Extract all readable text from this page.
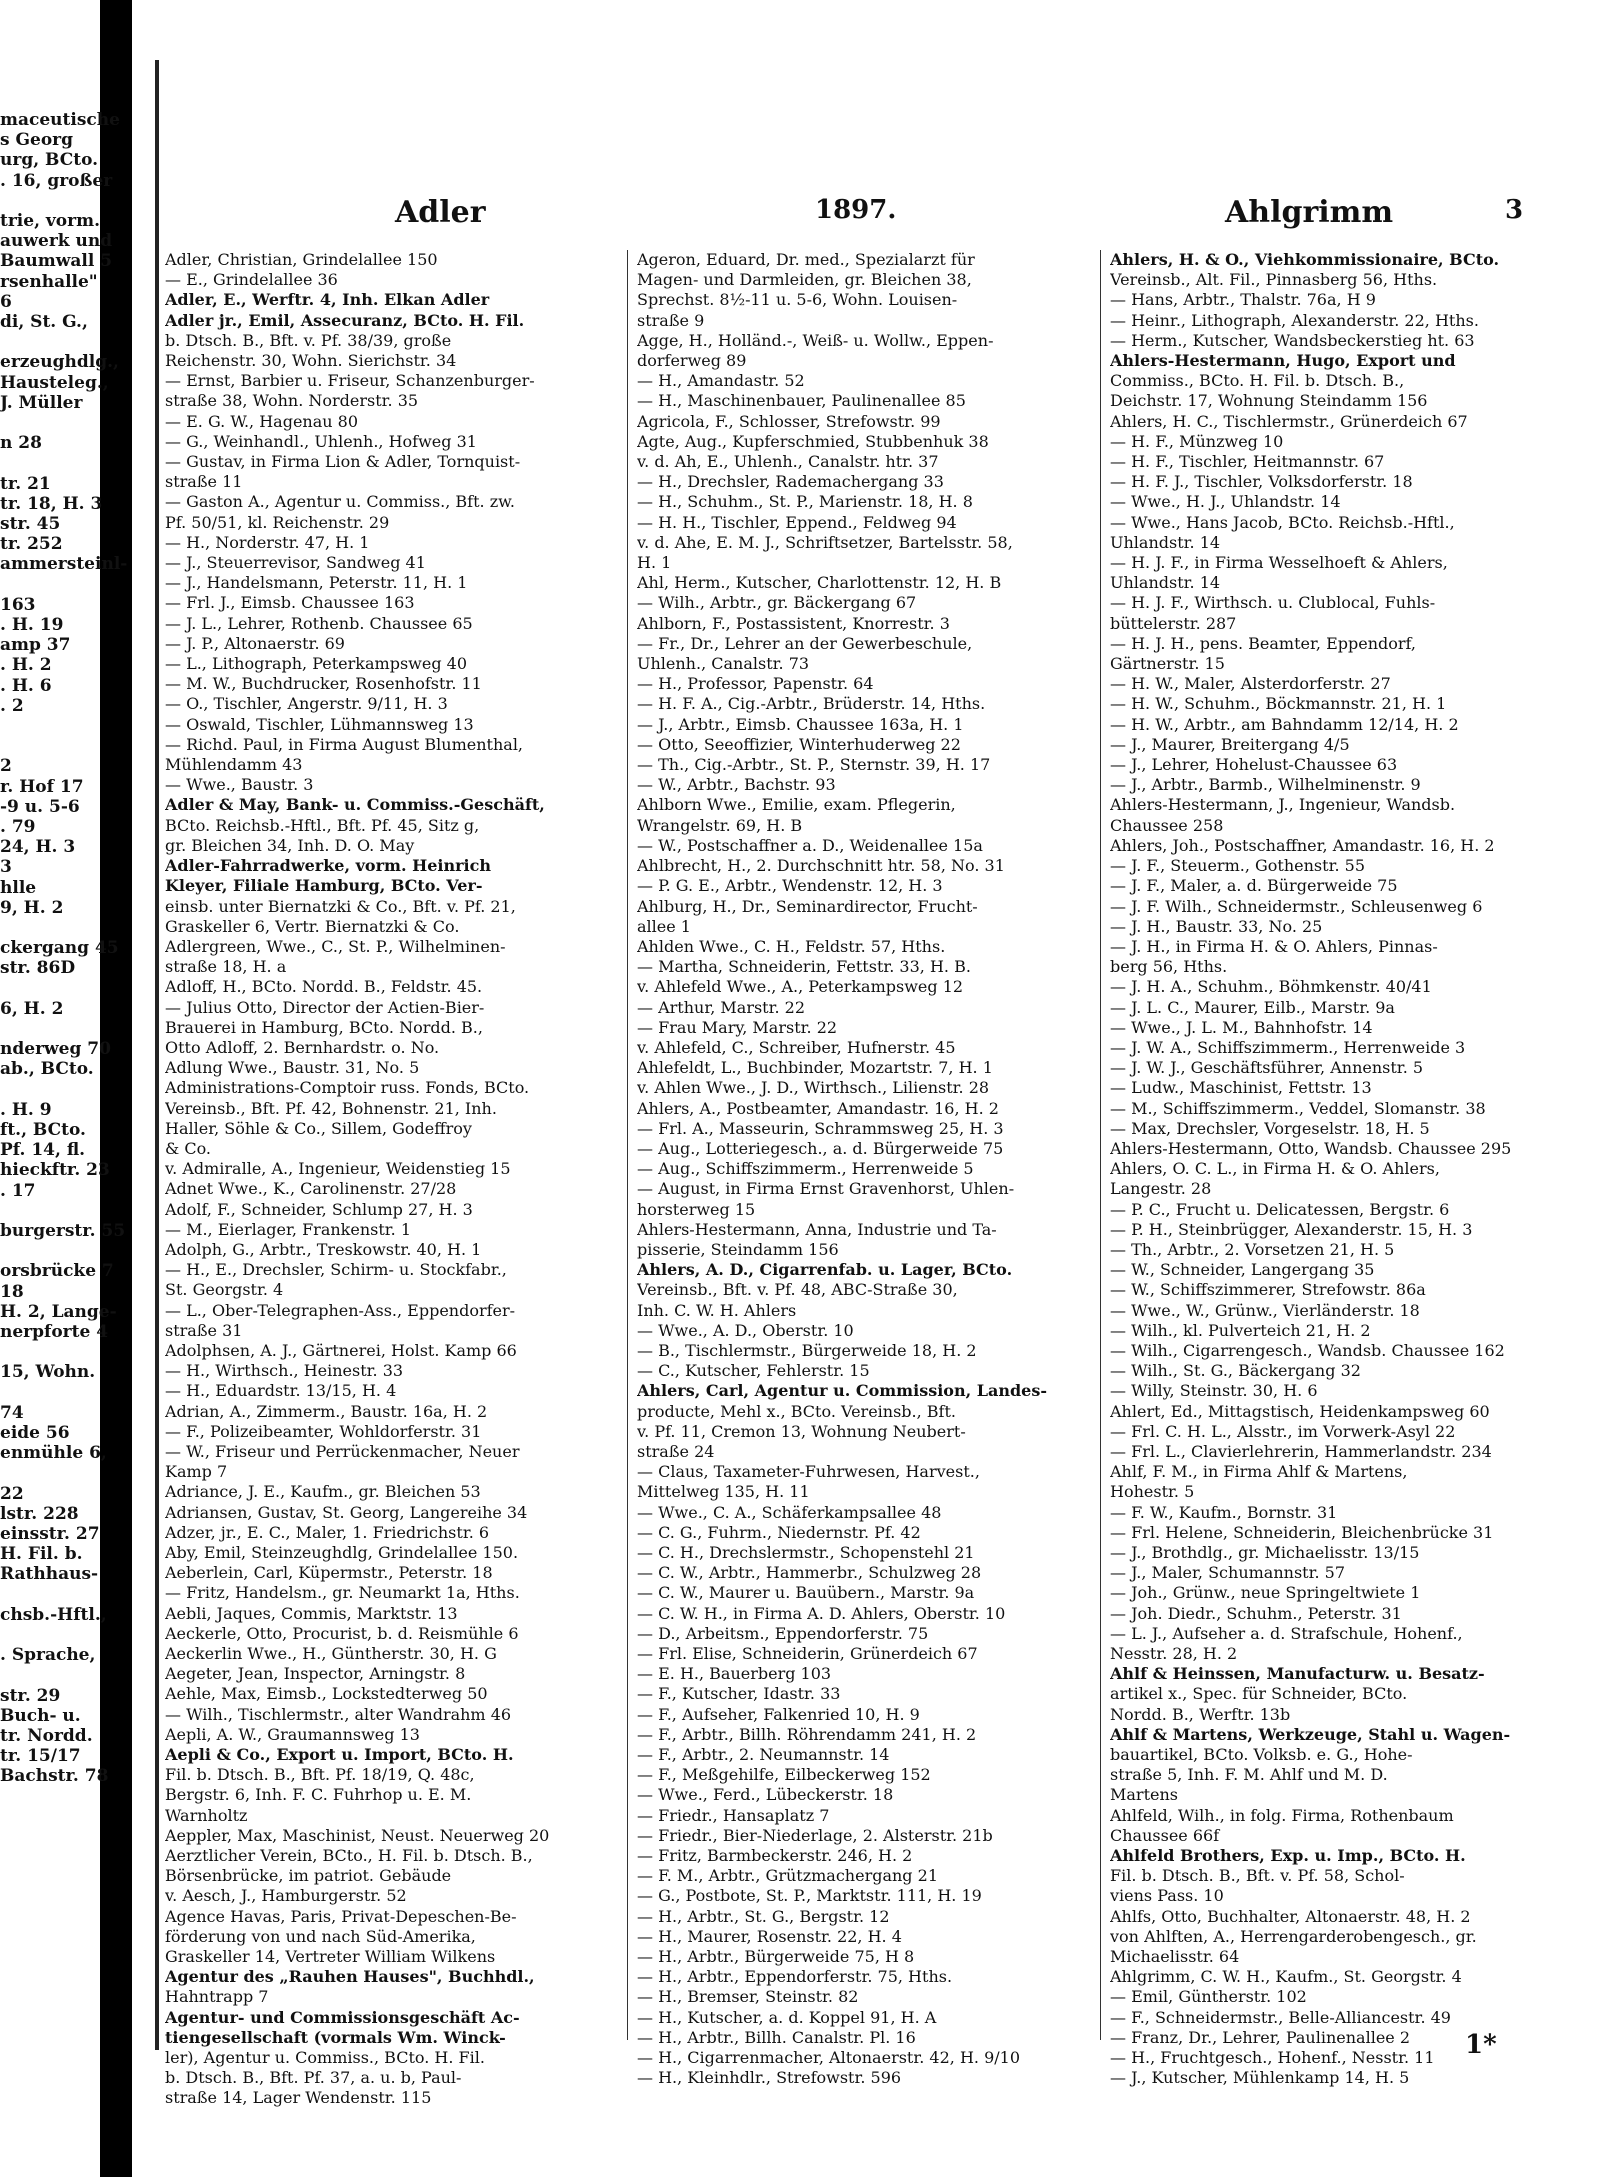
maceutische
s Georg
urg, BCto.
. 16, großer
trie, vorm.
auwerk und
Baumwall 5
rsenhalle"
6
di, St. G.,
erzeughdlg.,
Hausteleg.,
J. Müller
n 28
tr. 21
tr. 18, H. 3
str. 45
tr. 252
ammersteinl-
163
. H. 19
amp 37
. H. 2
. H. 6
. 2
2
r. Hof 17
-9 u. 5-6
. 79
24, H. 3
3
hlle
9, H. 2
ckergang 45
str. 86D
6, H. 2
nderweg 70
ab., BCto.
. H. 9
ft., BCto.
Pf. 14, fl.
hieckftr. 23
. 17
burgerstr. 55
orsbrücke 7
18
H. 2, Lange-
nerpforte 4
15, Wohn.
74
eide 56
enmühle 6,
22
lstr. 228
einsstr. 27
H. Fil. b.
Rathhaus-
chsb.-Hftl.,
. Sprache,
str. 29
Buch- u.
tr. Nordd.
tr. 15/17
Bachstr. 78
Adler	1897.	Ahlgrimm	3
Adler, Christian, Grindelallee 150
— E., Grindelallee 36
Adler, E., Werftr. 4, Inh. Elkan Adler
Adler jr., Emil, Assecuranz, BCto. H. Fil.
b. Dtsch. B., Bft. v. Pf. 38/39, große
Reichenstr. 30, Wohn. Sierichstr. 34
— Ernst, Barbier u. Friseur, Schanzenburger-
straße 38, Wohn. Norderstr. 35
— E. G. W., Hagenau 80
— G., Weinhandl., Uhlenh., Hofweg 31
— Gustav, in Firma Lion & Adler, Tornquist-
straße 11
— Gaston A., Agentur u. Commiss., Bft. zw.
Pf. 50/51, kl. Reichenstr. 29
— H., Norderstr. 47, H. 1
— J., Steuerrevisor, Sandweg 41
— J., Handelsmann, Peterstr. 11, H. 1
— Frl. J., Eimsb. Chaussee 163
— J. L., Lehrer, Rothenb. Chaussee 65
— J. P., Altonaerstr. 69
— L., Lithograph, Peterkampsweg 40
— M. W., Buchdrucker, Rosenhofstr. 11
— O., Tischler, Angerstr. 9/11, H. 3
— Oswald, Tischler, Lühmannsweg 13
— Richd. Paul, in Firma August Blumenthal,
Mühlendamm 43
— Wwe., Baustr. 3
Adler & May, Bank- u. Commiss.-Geschäft,
BCto. Reichsb.-Hftl., Bft. Pf. 45, Sitz g,
gr. Bleichen 34, Inh. D. O. May
Adler-Fahrradwerke, vorm. Heinrich
Kleyer, Filiale Hamburg, BCto. Ver-
einsb. unter Biernatzki & Co., Bft. v. Pf. 21,
Graskeller 6, Vertr. Biernatzki & Co.
Adlergreen, Wwe., C., St. P., Wilhelminen-
straße 18, H. a
Adloff, H., BCto. Nordd. B., Feldstr. 45.
— Julius Otto, Director der Actien-Bier-
Brauerei in Hamburg, BCto. Nordd. B.,
Otto Adloff, 2. Bernhardstr. o. No.
Adlung Wwe., Baustr. 31, No. 5
Administrations-Comptoir russ. Fonds, BCto.
Vereinsb., Bft. Pf. 42, Bohnenstr. 21, Inh.
Haller, Söhle & Co., Sillem, Godeffroy
& Co.
v. Admiralle, A., Ingenieur, Weidenstieg 15
Adnet Wwe., K., Carolinenstr. 27/28
Adolf, F., Schneider, Schlump 27, H. 3
— M., Eierlager, Frankenstr. 1
Adolph, G., Arbtr., Treskowstr. 40, H. 1
— H., E., Drechsler, Schirm- u. Stockfabr.,
St. Georgstr. 4
— L., Ober-Telegraphen-Ass., Eppendorfer-
straße 31
Adolphsen, A. J., Gärtnerei, Holst. Kamp 66
— H., Wirthsch., Heinestr. 33
— H., Eduardstr. 13/15, H. 4
Adrian, A., Zimmerm., Baustr. 16a, H. 2
— F., Polizeibeamter, Wohldorferstr. 31
— W., Friseur und Perrückenmacher, Neuer
Kamp 7
Adriance, J. E., Kaufm., gr. Bleichen 53
Adriansen, Gustav, St. Georg, Langereihe 34
Adzer, jr., E. C., Maler, 1. Friedrichstr. 6
Aby, Emil, Steinzeughdlg, Grindelallee 150.
Aeberlein, Carl, Küpermstr., Peterstr. 18
— Fritz, Handelsm., gr. Neumarkt 1a, Hths.
Aebli, Jaques, Commis, Marktstr. 13
Aeckerle, Otto, Procurist, b. d. Reismühle 6
Aeckerlin Wwe., H., Güntherstr. 30, H. G
Aegeter, Jean, Inspector, Arningstr. 8
Aehle, Max, Eimsb., Lockstedterweg 50
— Wilh., Tischlermstr., alter Wandrahm 46
Aepli, A. W., Graumannsweg 13
Aepli & Co., Export u. Import, BCto. H.
Fil. b. Dtsch. B., Bft. Pf. 18/19, Q. 48c,
Bergstr. 6, Inh. F. C. Fuhrhop u. E. M.
Warnholtz
Aeppler, Max, Maschinist, Neust. Neuerweg 20
Aerztlicher Verein, BCto., H. Fil. b. Dtsch. B.,
Börsenbrücke, im patriot. Gebäude
v. Aesch, J., Hamburgerstr. 52
Agence Havas, Paris, Privat-Depeschen-Be-
förderung von und nach Süd-Amerika,
Graskeller 14, Vertreter William Wilkens
Agentur des „Rauhen Hauses", Buchhdl.,
Hahntrapp 7
Agentur- und Commissionsgeschäft Ac-
tiengesellschaft (vormals Wm. Winck-
ler), Agentur u. Commiss., BCto. H. Fil.
b. Dtsch. B., Bft. Pf. 37, a. u. b, Paul-
straße 14, Lager Wendenstr. 115
Ageron, Eduard, Dr. med., Spezialarzt für
Magen- und Darmleiden, gr. Bleichen 38,
Sprechst. 8½-11 u. 5-6, Wohn. Louisen-
straße 9
Agge, H., Holländ.-, Weiß- u. Wollw., Eppen-
dorferweg 89
— H., Amandastr. 52
— H., Maschinenbauer, Paulinenallee 85
Agricola, F., Schlosser, Strefowstr. 99
Agte, Aug., Kupferschmied, Stubbenhuk 38
v. d. Ah, E., Uhlenh., Canalstr. htr. 37
— H., Drechsler, Rademachergang 33
— H., Schuhm., St. P., Marienstr. 18, H. 8
— H. H., Tischler, Eppend., Feldweg 94
v. d. Ahe, E. M. J., Schriftsetzer, Bartelsstr. 58,
H. 1
Ahl, Herm., Kutscher, Charlottenstr. 12, H. B
— Wilh., Arbtr., gr. Bäckergang 67
Ahlborn, F., Postassistent, Knorrestr. 3
— Fr., Dr., Lehrer an der Gewerbeschule,
Uhlenh., Canalstr. 73
— H., Professor, Papenstr. 64
— H. F. A., Cig.-Arbtr., Brüderstr. 14, Hths.
— J., Arbtr., Eimsb. Chaussee 163a, H. 1
— Otto, Seeoffizier, Winterhuderweg 22
— Th., Cig.-Arbtr., St. P., Sternstr. 39, H. 17
— W., Arbtr., Bachstr. 93
Ahlborn Wwe., Emilie, exam. Pflegerin,
Wrangelstr. 69, H. B
— W., Postschaffner a. D., Weidenallee 15a
Ahlbrecht, H., 2. Durchschnitt htr. 58, No. 31
— P. G. E., Arbtr., Wendenstr. 12, H. 3
Ahlburg, H., Dr., Seminardirector, Frucht-
allee 1
Ahlden Wwe., C. H., Feldstr. 57, Hths.
— Martha, Schneiderin, Fettstr. 33, H. B.
v. Ahlefeld Wwe., A., Peterkampsweg 12
— Arthur, Marstr. 22
— Frau Mary, Marstr. 22
v. Ahlefeld, C., Schreiber, Hufnerstr. 45
Ahlefeldt, L., Buchbinder, Mozartstr. 7, H. 1
v. Ahlen Wwe., J. D., Wirthsch., Lilienstr. 28
Ahlers, A., Postbeamter, Amandastr. 16, H. 2
— Frl. A., Masseurin, Schrammsweg 25, H. 3
— Aug., Lotteriegesch., a. d. Bürgerweide 75
— Aug., Schiffszimmerm., Herrenweide 5
— August, in Firma Ernst Gravenhorst, Uhlen-
horsterweg 15
Ahlers-Hestermann, Anna, Industrie und Ta-
pisserie, Steindamm 156
Ahlers, A. D., Cigarrenfab. u. Lager, BCto.
Vereinsb., Bft. v. Pf. 48, ABC-Straße 30,
Inh. C. W. H. Ahlers
— Wwe., A. D., Oberstr. 10
— B., Tischlermstr., Bürgerweide 18, H. 2
— C., Kutscher, Fehlerstr. 15
Ahlers, Carl, Agentur u. Commission, Landes-
producte, Mehl x., BCto. Vereinsb., Bft.
v. Pf. 11, Cremon 13, Wohnung Neubert-
straße 24
— Claus, Taxameter-Fuhrwesen, Harvest.,
Mittelweg 135, H. 11
— Wwe., C. A., Schäferkampsallee 48
— C. G., Fuhrm., Niedernstr. Pf. 42
— C. H., Drechslermstr., Schopenstehl 21
— C. W., Arbtr., Hammerbr., Schulzweg 28
— C. W., Maurer u. Bauübern., Marstr. 9a
— C. W. H., in Firma A. D. Ahlers, Oberstr. 10
— D., Arbeitsm., Eppendorferstr. 75
— Frl. Elise, Schneiderin, Grünerdeich 67
— E. H., Bauerberg 103
— F., Kutscher, Idastr. 33
— F., Aufseher, Falkenried 10, H. 9
— F., Arbtr., Billh. Röhrendamm 241, H. 2
— F., Arbtr., 2. Neumannstr. 14
— F., Meßgehilfe, Eilbeckerweg 152
— Wwe., Ferd., Lübeckerstr. 18
— Friedr., Hansaplatz 7
— Friedr., Bier-Niederlage, 2. Alsterstr. 21b
— Fritz, Barmbeckerstr. 246, H. 2
— F. M., Arbtr., Grützmachergang 21
— G., Postbote, St. P., Marktstr. 111, H. 19
— H., Arbtr., St. G., Bergstr. 12
— H., Maurer, Rosenstr. 22, H. 4
— H., Arbtr., Bürgerweide 75, H 8
— H., Arbtr., Eppendorferstr. 75, Hths.
— H., Bremser, Steinstr. 82
— H., Kutscher, a. d. Koppel 91, H. A
— H., Arbtr., Billh. Canalstr. Pl. 16
— H., Cigarrenmacher, Altonaerstr. 42, H. 9/10
— H., Kleinhdlr., Strefowstr. 596
Ahlers, H. & O., Viehkommissionaire, BCto.
Vereinsb., Alt. Fil., Pinnasberg 56, Hths.
— Hans, Arbtr., Thalstr. 76a, H 9
— Heinr., Lithograph, Alexanderstr. 22, Hths.
— Herm., Kutscher, Wandsbeckerstieg ht. 63
Ahlers-Hestermann, Hugo, Export und
Commiss., BCto. H. Fil. b. Dtsch. B.,
Deichstr. 17, Wohnung Steindamm 156
Ahlers, H. C., Tischlermstr., Grünerdeich 67
— H. F., Münzweg 10
— H. F., Tischler, Heitmannstr. 67
— H. F. J., Tischler, Volksdorferstr. 18
— Wwe., H. J., Uhlandstr. 14
— Wwe., Hans Jacob, BCto. Reichsb.-Hftl.,
Uhlandstr. 14
— H. J. F., in Firma Wesselhoeft & Ahlers,
Uhlandstr. 14
— H. J. F., Wirthsch. u. Clublocal, Fuhls-
büttelerstr. 287
— H. J. H., pens. Beamter, Eppendorf,
Gärtnerstr. 15
— H. W., Maler, Alsterdorferstr. 27
— H. W., Schuhm., Böckmannstr. 21, H. 1
— H. W., Arbtr., am Bahndamm 12/14, H. 2
— J., Maurer, Breitergang 4/5
— J., Lehrer, Hohelust-Chaussee 63
— J., Arbtr., Barmb., Wilhelminenstr. 9
Ahlers-Hestermann, J., Ingenieur, Wandsb.
Chaussee 258
Ahlers, Joh., Postschaffner, Amandastr. 16, H. 2
— J. F., Steuerm., Gothenstr. 55
— J. F., Maler, a. d. Bürgerweide 75
— J. F. Wilh., Schneidermstr., Schleusenweg 6
— J. H., Baustr. 33, No. 25
— J. H., in Firma H. & O. Ahlers, Pinnas-
berg 56, Hths.
— J. H. A., Schuhm., Böhmkenstr. 40/41
— J. L. C., Maurer, Eilb., Marstr. 9a
— Wwe., J. L. M., Bahnhofstr. 14
— J. W. A., Schiffszimmerm., Herrenweide 3
— J. W. J., Geschäftsführer, Annenstr. 5
— Ludw., Maschinist, Fettstr. 13
— M., Schiffszimmerm., Veddel, Slomanstr. 38
— Max, Drechsler, Vorgeselstr. 18, H. 5
Ahlers-Hestermann, Otto, Wandsb. Chaussee 295
Ahlers, O. C. L., in Firma H. & O. Ahlers,
Langestr. 28
— P. C., Frucht u. Delicatessen, Bergstr. 6
— P. H., Steinbrügger, Alexanderstr. 15, H. 3
— Th., Arbtr., 2. Vorsetzen 21, H. 5
— W., Schneider, Langergang 35
— W., Schiffszimmerer, Strefowstr. 86a
— Wwe., W., Grünw., Vierländerstr. 18
— Wilh., kl. Pulverteich 21, H. 2
— Wilh., Cigarrengesch., Wandsb. Chaussee 162
— Wilh., St. G., Bäckergang 32
— Willy, Steinstr. 30, H. 6
Ahlert, Ed., Mittagstisch, Heidenkampsweg 60
— Frl. C. H. L., Alsstr., im Vorwerk-Asyl 22
— Frl. L., Clavierlehrerin, Hammerlandstr. 234
Ahlf, F. M., in Firma Ahlf & Martens,
Hohestr. 5
— F. W., Kaufm., Bornstr. 31
— Frl. Helene, Schneiderin, Bleichenbrücke 31
— J., Brothdlg., gr. Michaelisstr. 13/15
— J., Maler, Schumannstr. 57
— Joh., Grünw., neue Springeltwiete 1
— Joh. Diedr., Schuhm., Peterstr. 31
— L. J., Aufseher a. d. Strafschule, Hohenf.,
Nesstr. 28, H. 2
Ahlf & Heinssen, Manufacturw. u. Besatz-
artikel x., Spec. für Schneider, BCto.
Nordd. B., Werftr. 13b
Ahlf & Martens, Werkzeuge, Stahl u. Wagen-
bauartikel, BCto. Volksb. e. G., Hohe-
straße 5, Inh. F. M. Ahlf und M. D.
Martens
Ahlfeld, Wilh., in folg. Firma, Rothenbaum
Chaussee 66f
Ahlfeld Brothers, Exp. u. Imp., BCto. H.
Fil. b. Dtsch. B., Bft. v. Pf. 58, Schol-
viens Pass. 10
Ahlfs, Otto, Buchhalter, Altonaerstr. 48, H. 2
von Ahlften, A., Herrengarderobengesch., gr.
Michaelisstr. 64
Ahlgrimm, C. W. H., Kaufm., St. Georgstr. 4
— Emil, Güntherstr. 102
— F., Schneidermstr., Belle-Alliancestr. 49
— Franz, Dr., Lehrer, Paulinenallee 2
— H., Fruchtgesch., Hohenf., Nesstr. 11
— J., Kutscher, Mühlenkamp 14, H. 5
1*
